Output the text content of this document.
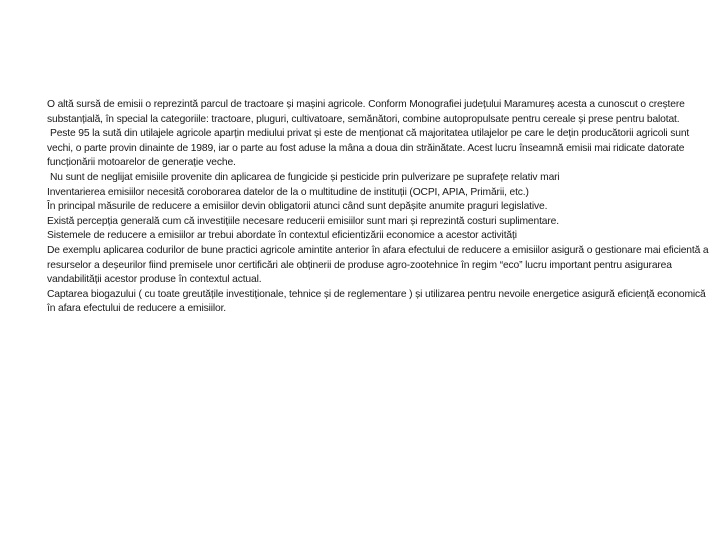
O altă sursă de emisii o reprezintă parcul de tractoare și mașini agricole. Conform Monografiei județului Maramureș acesta a cunoscut o creștere substanțială, în special la categoriile: tractoare, pluguri, cultivatoare, semănători, combine autopropulsate pentru cereale și prese pentru balotat.

Peste 95 la sută din utilajele agricole aparțin mediului privat și este de menționat că majoritatea utilajelor pe care le dețin producătorii agricoli sunt vechi, o parte provin dinainte de 1989, iar o parte au fost aduse la mâna a doua din străinătate. Acest lucru înseamnă emisii mai ridicate datorate funcționării motoarelor de generație veche.

Nu sunt de neglijat emisiile provenite din aplicarea de fungicide și pesticide prin pulverizare pe suprafețe relativ mari

Inventarierea emisiilor necesită coroborarea datelor de la o multitudine de instituții (OCPI, APIA, Primării, etc.)

În principal măsurile de reducere a emisiilor devin obligatorii atunci când sunt depășite anumite praguri legislative.

Există percepția generală cum că investițiile necesare reducerii emisiilor sunt mari și reprezintă costuri suplimentare.

Sistemele de reducere a emisiilor ar trebui abordate în contextul eficientizării economice a acestor activități

De exemplu aplicarea codurilor de bune practici agricole amintite anterior în afara efectului de reducere a emisiilor asigură o gestionare mai eficientă a resurselor a deșeurilor fiind premisele unor certificări ale obținerii de produse agro-zootehnice în regim “eco” lucru important pentru asigurarea vandabilității acestor produse în contextul actual.

Captarea biogazului ( cu toate greutățile investiționale, tehnice și de reglementare ) și utilizarea pentru nevoile energetice asigură eficiență economică în afara efectului de reducere a emisiilor.
